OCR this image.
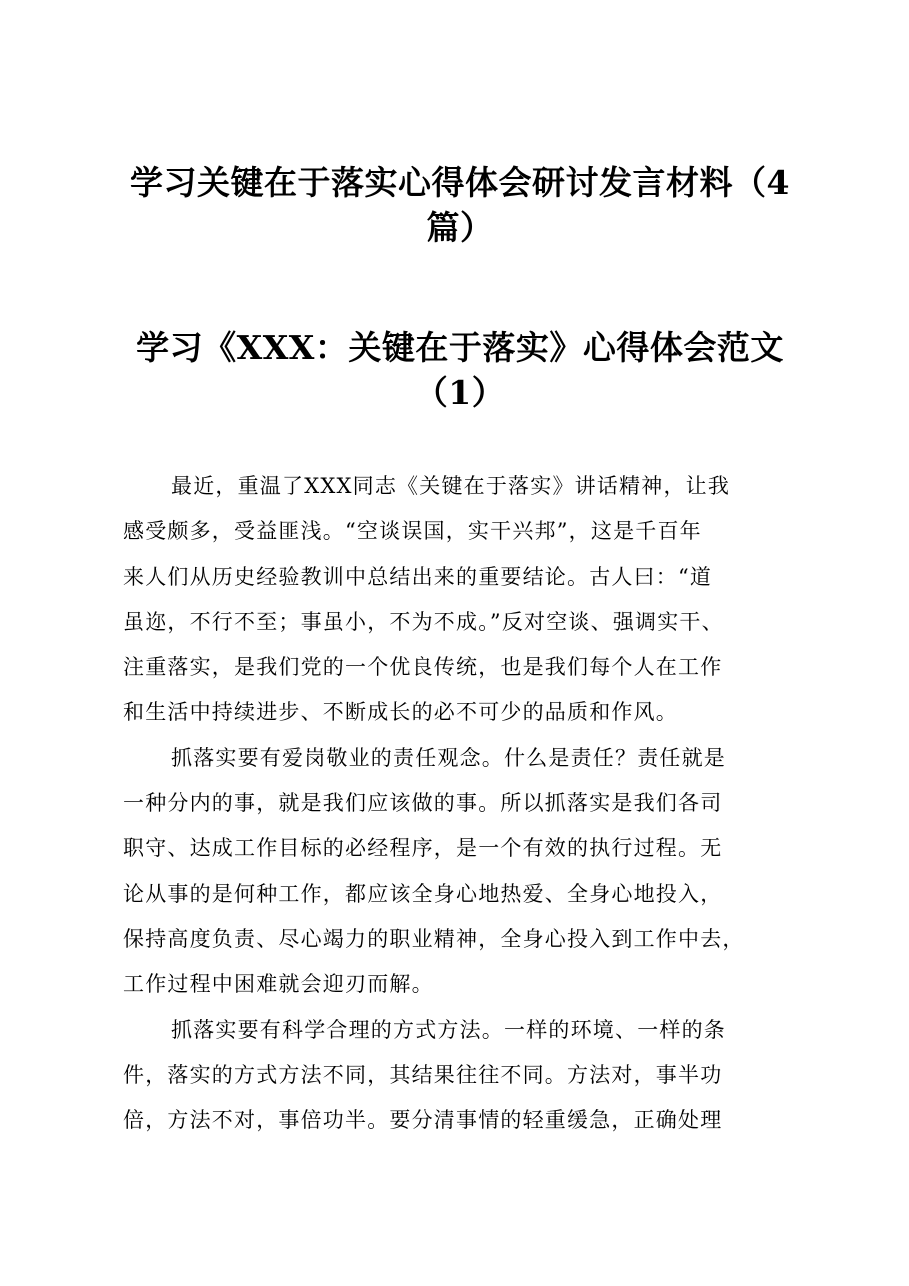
学习关键在于落实心得体会研讨发言材料（4
篇）
学习《XXX：关键在于落实》心得体会范文
（1）
最近，重温了XXX同志《关键在于落实》讲话精神，让我
感受颇多，受益匪浅。“空谈误国，实干兴邦”，这是千百年
来人们从历史经验教训中总结出来的重要结论。古人曰：“道
虽迩，不行不至；事虽小，不为不成。”反对空谈、强调实干、
注重落实，是我们党的一个优良传统，也是我们每个人在工作
和生活中持续进步、不断成长的必不可少的品质和作风。
抓落实要有爱岗敬业的责任观念。什么是责任？责任就是
一种分内的事，就是我们应该做的事。所以抓落实是我们各司
职守、达成工作目标的必经程序，是一个有效的执行过程。无
论从事的是何种工作，都应该全身心地热爱、全身心地投入，
保持高度负责、尽心竭力的职业精神，全身心投入到工作中去，
工作过程中困难就会迎刃而解。
抓落实要有科学合理的方式方法。一样的环境、一样的条
件，落实的方式方法不同，其结果往往不同。方法对，事半功
倍，方法不对，事倍功半。要分清事情的轻重缓急，正确处理
